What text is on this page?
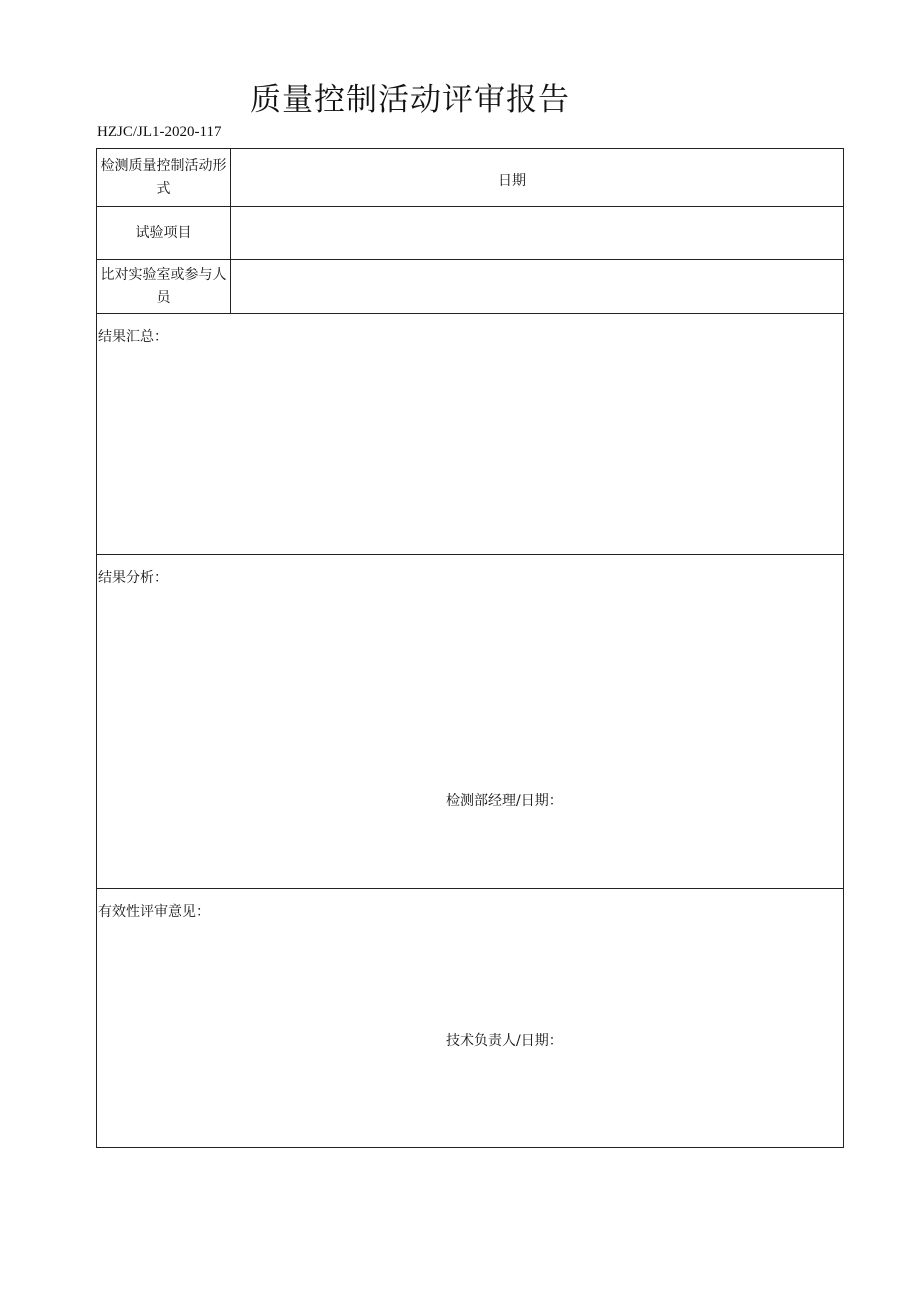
质量控制活动评审报告
HZJC/JL1-2020-117
检测质量控制活动形式
试验项目
比对实验室或参与人员
结果汇总：
结果分析：
检测部经理/日期：
有效性评审意见：
技术负责人/日期：
日期
